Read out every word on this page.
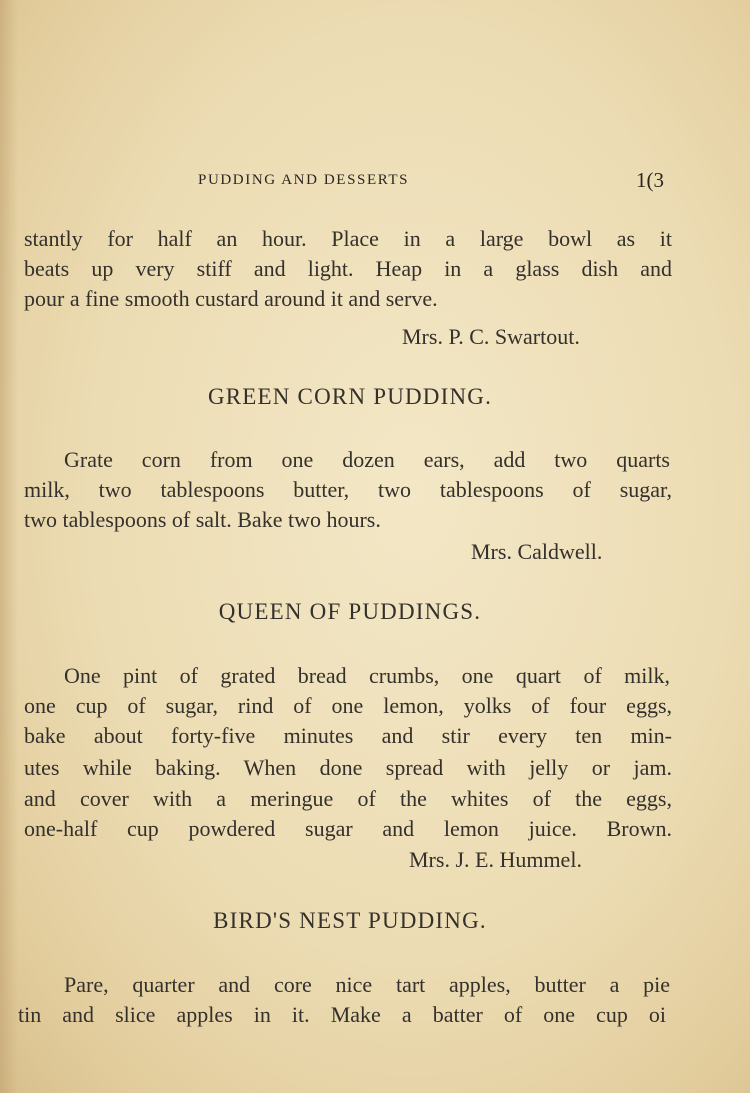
PUDDING AND DESSERTS	1(3
stantly for half an hour. Place in a large bowl as it
beats up very stiff and light. Heap in a glass dish and
pour a fine smooth custard around it and serve.
Mrs. P. C. Swartout.
GREEN CORN PUDDING.
Grate corn from one dozen ears, add two quarts
milk, two tablespoons butter, two tablespoons of sugar,
two tablespoons of salt. Bake two hours.
Mrs. Caldwell.
QUEEN OF PUDDINGS.
One pint of grated bread crumbs, one quart of milk,
one cup of sugar, rind of one lemon, yolks of four eggs,
bake about forty-five minutes and stir every ten min-
utes while baking. When done spread with jelly or jam.
and cover with a meringue of the whites of the eggs,
one-half cup powdered sugar and lemon juice. Brown.
Mrs. J. E. Hummel.
BIRD'S NEST PUDDING.
Pare, quarter and core nice tart apples, butter a pie
tin and slice apples in it. Make a batter of one cup oi
